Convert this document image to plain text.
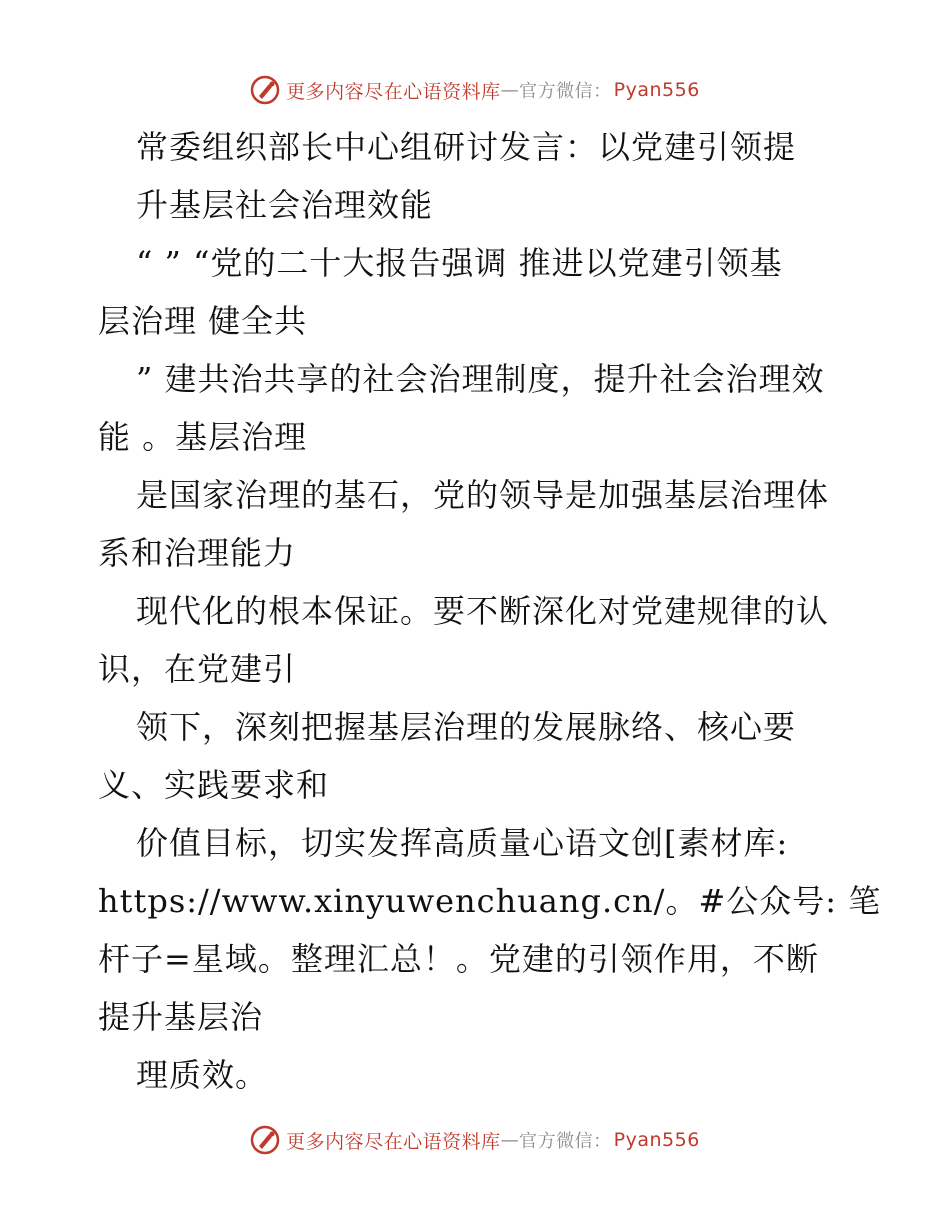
更多内容尽在心语资料库 — 官方微信： Pyan556
常委组织部长中心组研讨发言：以党建引领提
升基层社会治理效能
“ ” “党的二十大报告强调 推进以党建引领基
层治理 健全共
” 建共治共享的社会治理制度，提升社会治理效
能 。基层治理
是国家治理的基石，党的领导是加强基层治理体
系和治理能力
现代化的根本保证。要不断深化对党建规律的认
识，在党建引
领下，深刻把握基层治理的发展脉络、核心要
义、实践要求和
价值目标，切实发挥高质量心语文创[素材库:
https://www.xinyuwenchuang.cn/。#公众号: 笔
杆子=星域。整理汇总！。党建的引领作用，不断
提升基层治
理质效。
更多内容尽在心语资料库 — 官方微信： Pyan556
